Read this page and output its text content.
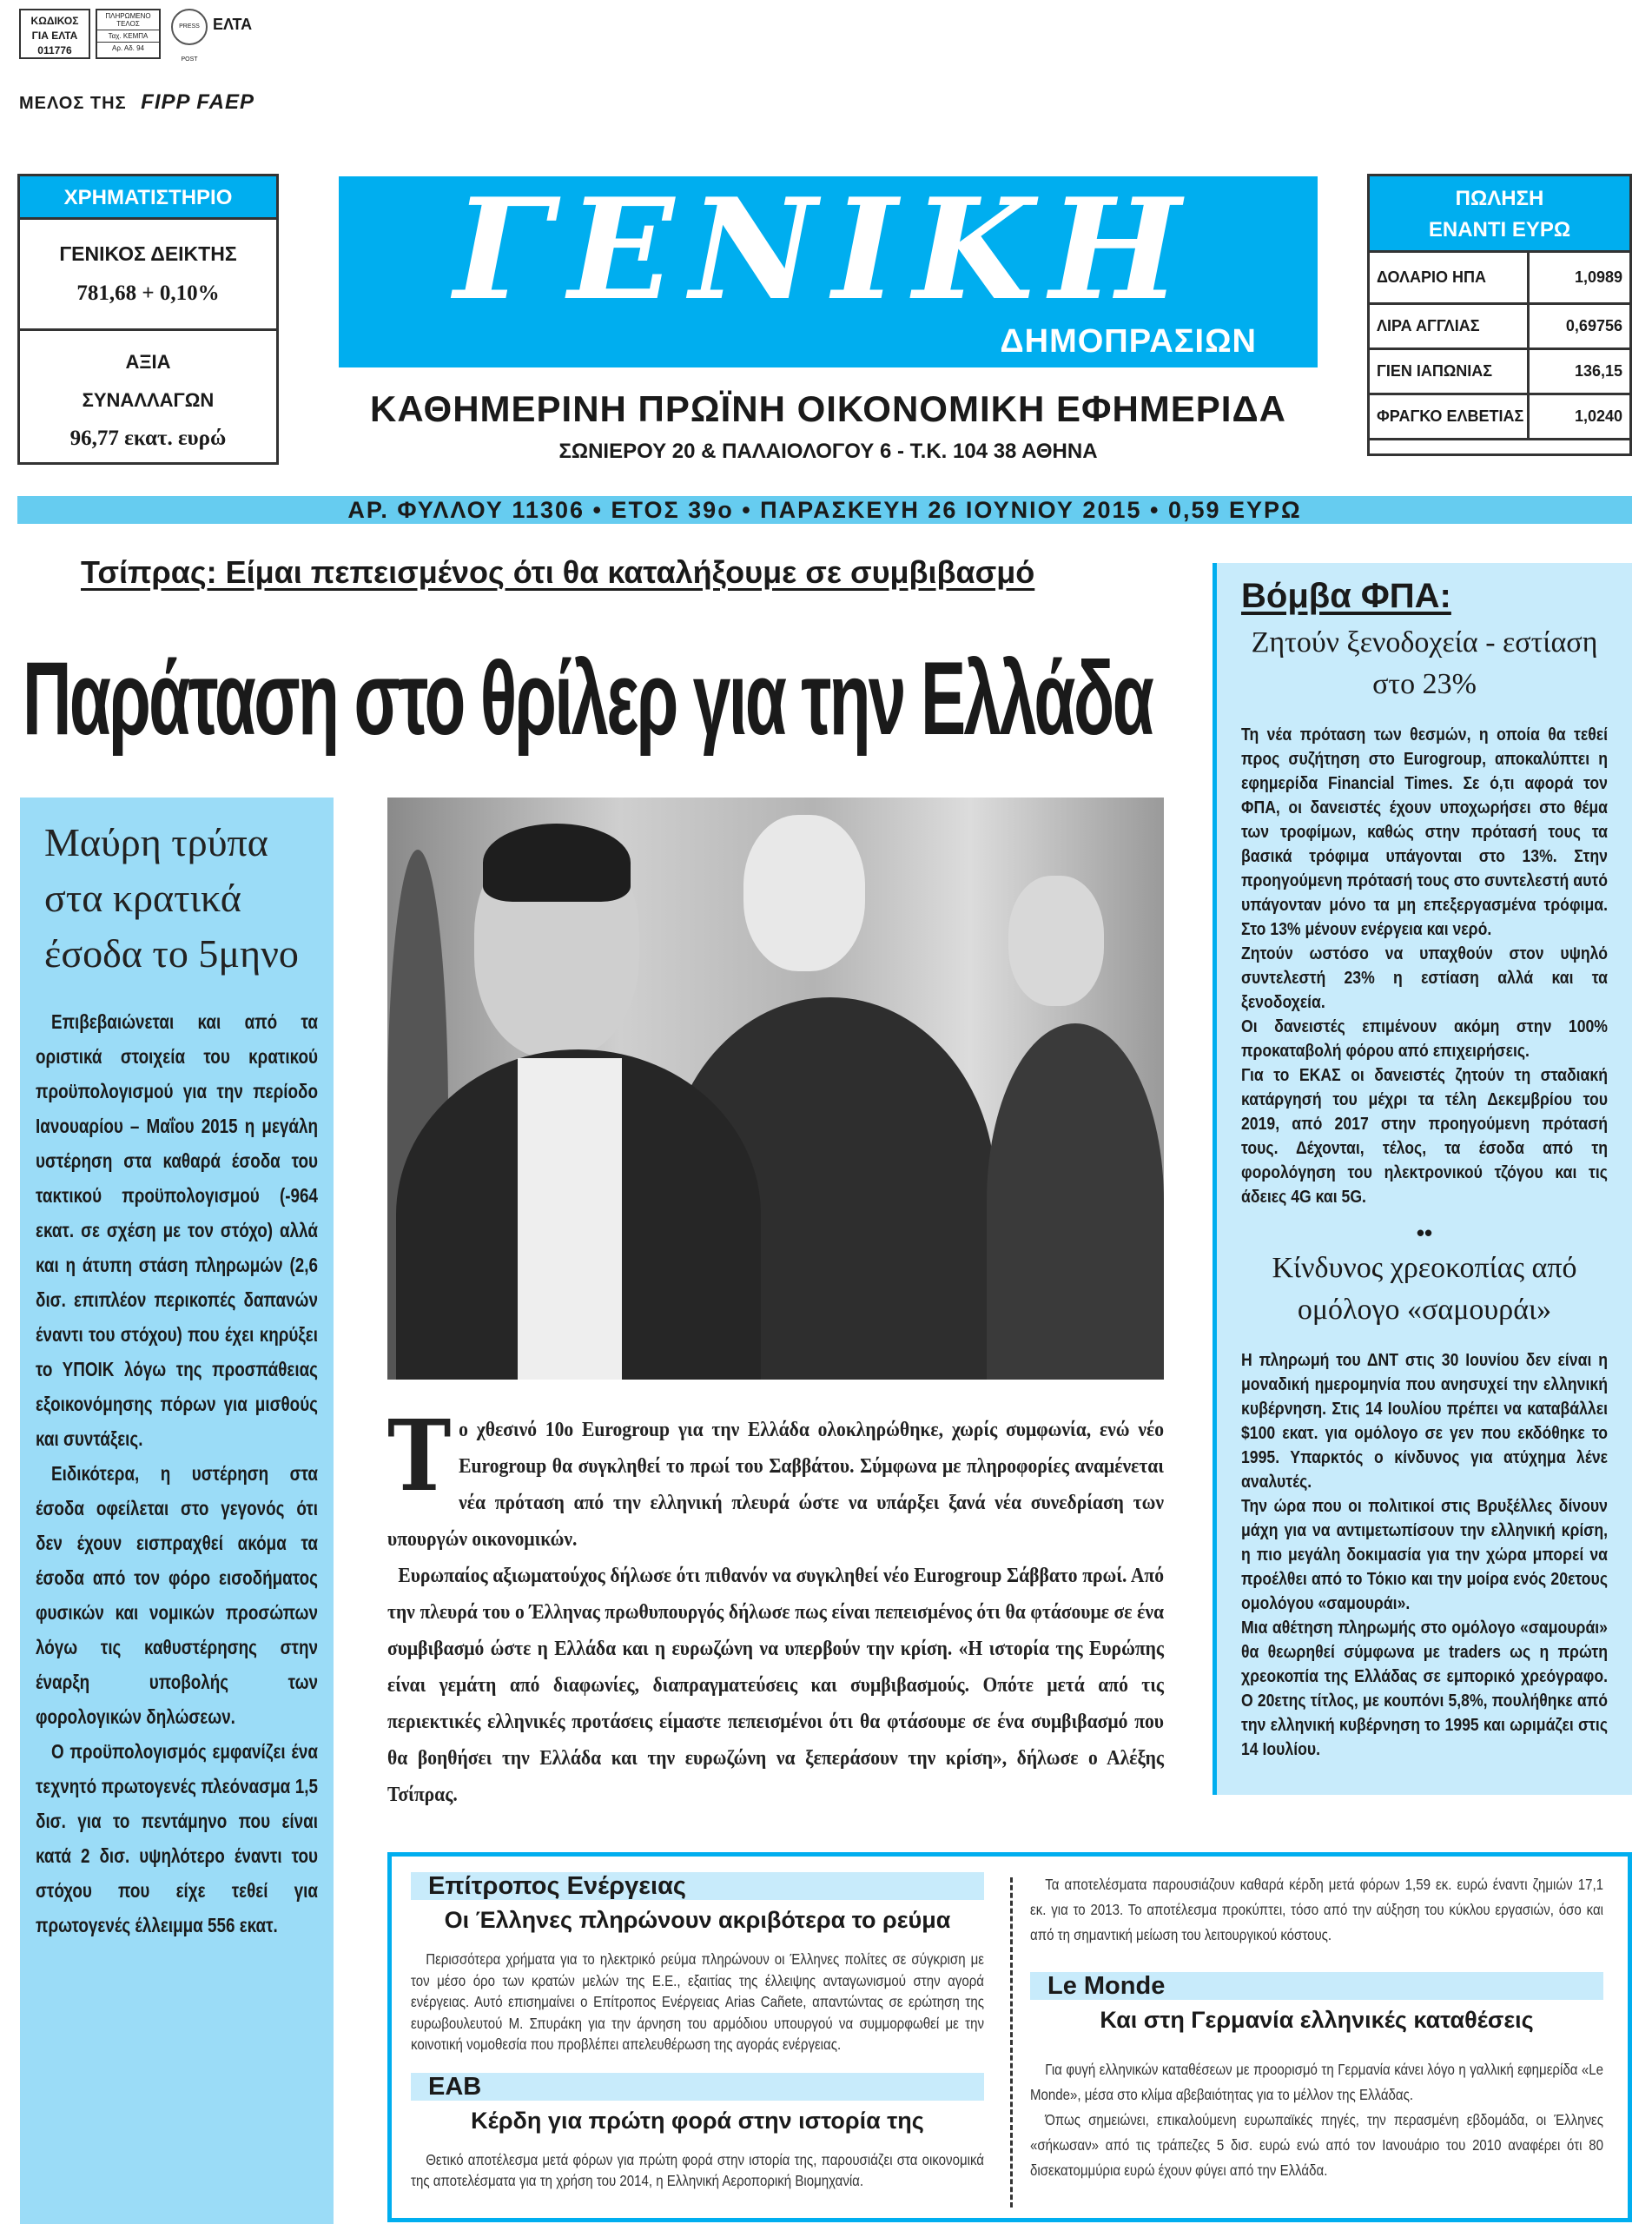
ΚΩΔΙΚΟΣ
ΓΙΑ ΕΛΤΑ
011776
ΠΛΗΡΩΜΕΝΟ ΤΕΛΟΣ
Ταχ. ΚΕΜΠΑ
Αρ. Αδ. 94
PRESS POST
ΕΛΤΑ
ΜΕΛΟΣ ΤΗΣ FIPP FAEP
ΧΡΗΜΑΤΙΣΤΗΡΙΟ
ΓΕΝΙΚΟΣ ΔΕΙΚΤΗΣ
781,68 + 0,10%
ΑΞΙΑ
ΣΥΝΑΛΛΑΓΩΝ
96,77 εκατ. ευρώ
ΓΕΝΙΚΗ
ΔΗΜΟΠΡΑΣΙΩΝ
ΚΑΘΗΜΕΡΙΝΗ ΠΡΩΪΝΗ ΟΙΚΟΝΟΜΙΚΗ ΕΦΗΜΕΡΙΔΑ
ΣΩΝΙΕΡΟΥ 20 & ΠΑΛΑΙΟΛΟΓΟΥ 6 - Τ.Κ. 104 38 ΑΘΗΝΑ
ΠΩΛΗΣΗ
ΕΝΑΝΤΙ ΕΥΡΩ
ΔΟΛΑΡΙΟ ΗΠΑ	1,0989
ΛΙΡΑ ΑΓΓΛΙΑΣ	0,69756
ΓΙΕΝ ΙΑΠΩΝΙΑΣ	136,15
ΦΡΑΓΚΟ ΕΛΒΕΤΙΑΣ	1,0240
ΑΡ. ΦΥΛΛΟΥ 11306 • ΕΤΟΣ 39ο • ΠΑΡΑΣΚΕΥΗ 26 ΙΟΥΝΙΟΥ 2015 • 0,59 ΕΥΡΩ
Τσίπρας: Είμαι πεπεισμένος ότι θα καταλήξουμε σε συμβιβασμό
Παράταση στο θρίλερ για την Ελλάδα
Μαύρη τρύπα στα κρατικά έσοδα το 5μηνο

Επιβεβαιώνεται και από τα οριστικά στοιχεία του κρατικού προϋπολογισμού για την περίοδο Ιανουαρίου – Μαΐου 2015 η μεγάλη υστέρηση στα καθαρά έσοδα του τακτικού προϋπολογισμού (-964 εκατ. σε σχέση με τον στόχο) αλλά και η άτυπη στάση πληρωμών (2,6 δισ. επιπλέον περικοπές δαπανών έναντι του στόχου) που έχει κηρύξει το ΥΠΟΙΚ λόγω της προσπάθειας εξοικονόμησης πόρων για μισθούς και συντάξεις.

Ειδικότερα, η υστέρηση στα έσοδα οφείλεται στο γεγονός ότι δεν έχουν εισπραχθεί ακόμα τα έσοδα από τον φόρο εισοδήματος φυσικών και νομικών προσώπων λόγω τις καθυστέρησης στην έναρξη υποβολής των φορολογικών δηλώσεων.

Ο προϋπολογισμός εμφανίζει ένα τεχνητό πρωτογενές πλεόνασμα 1,5 δισ. για το πεντάμηνο που είναι κατά 2 δισ. υψηλότερο έναντι του στόχου που είχε τεθεί για πρωτογενές έλλειμμα 556 εκατ.

Τ ο χθεσινό 10ο Eurogroup για την Ελλάδα ολοκληρώθηκε, χωρίς συμφωνία, ενώ νέο Eurogroup θα συγκληθεί το πρωί του Σαββάτου. Σύμφωνα με πληροφορίες αναμένεται νέα πρόταση από την ελληνική πλευρά ώστε να υπάρξει ξανά νέα συνεδρίαση των υπουργών οικονομικών.

Ευρωπαίος αξιωματούχος δήλωσε ότι πιθανόν να συγκληθεί νέο Eurogroup Σάββατο πρωί. Από την πλευρά του ο Έλληνας πρωθυπουργός δήλωσε πως είναι πεπεισμένος ότι θα φτάσουμε σε ένα συμβιβασμό ώστε η Ελλάδα και η ευρωζώνη να υπερβούν την κρίση. «Η ιστορία της Ευρώπης είναι γεμάτη από διαφωνίες, διαπραγματεύσεις και συμβιβασμούς. Οπότε μετά από τις περιεκτικές ελληνικές προτάσεις είμαστε πεπεισμένοι ότι θα φτάσουμε σε ένα συμβιβασμό που θα βοηθήσει την Ελλάδα και την ευρωζώνη να ξεπεράσουν την κρίση», δήλωσε ο Αλέξης Τσίπρας.

Βόμβα ΦΠΑ:
Ζητούν ξενοδοχεία - εστίαση στο 23%

Τη νέα πρόταση των θεσμών, η οποία θα τεθεί προς συζήτηση στο Eurogroup, αποκαλύπτει η εφημερίδα Financial Times. Σε ό,τι αφορά τον ΦΠΑ, οι δανειστές έχουν υποχωρήσει στο θέμα των τροφίμων, καθώς στην πρότασή τους τα βασικά τρόφιμα υπάγονται στο 13%. Στην προηγούμενη πρότασή τους στο συντελεστή αυτό υπάγονταν μόνο τα μη επεξεργασμένα τρόφιμα. Στο 13% μένουν ενέργεια και νερό.

Ζητούν ωστόσο να υπαχθούν στον υψηλό συντελεστή 23% η εστίαση αλλά και τα ξενοδοχεία.

Οι δανειστές επιμένουν ακόμη στην 100% προκαταβολή φόρου από επιχειρήσεις.

Για το ΕΚΑΣ οι δανειστές ζητούν τη σταδιακή κατάργησή του μέχρι τα τέλη Δεκεμβρίου του 2019, από 2017 στην προηγούμενη πρότασή τους. Δέχονται, τέλος, τα έσοδα από τη φορολόγηση του ηλεκτρονικού τζόγου και τις άδειες 4G και 5G.

••
Κίνδυνος χρεοκοπίας από ομόλογο «σαμουράι»

Η πληρωμή του ΔΝΤ στις 30 Ιουνίου δεν είναι η μοναδική ημερομηνία που ανησυχεί την ελληνική κυβέρνηση. Στις 14 Ιουλίου πρέπει να καταβάλλει $100 εκατ. για ομόλογο σε γεν που εκδόθηκε το 1995. Υπαρκτός ο κίνδυνος για ατύχημα λένε αναλυτές.

Την ώρα που οι πολιτικοί στις Βρυξέλλες δίνουν μάχη για να αντιμετωπίσουν την ελληνική κρίση, η πιο μεγάλη δοκιμασία για την χώρα μπορεί να προέλθει από το Τόκιο και την μοίρα ενός 20ετους ομολόγου «σαμουράι».

Μια αθέτηση πληρωμής στο ομόλογο «σαμουράι» θα θεωρηθεί σύμφωνα με traders ως η πρώτη χρεοκοπία της Ελλάδας σε εμπορικό χρεόγραφο. Ο 20ετης τίτλος, με κουπόνι 5,8%, πουλήθηκε από την ελληνική κυβέρνηση το 1995 και ωριμάζει στις 14 Ιουλίου.

Επίτροπος Ενέργειας
Οι Έλληνες πληρώνουν ακριβότερα το ρεύμα

Περισσότερα χρήματα για το ηλεκτρικό ρεύμα πληρώνουν οι Έλληνες πολίτες σε σύγκριση με τον μέσο όρο των κρατών μελών της Ε.Ε., εξαιτίας της έλλειψης ανταγωνισμού στην αγορά ενέργειας. Αυτό επισημαίνει ο Επίτροπος Ενέργειας Arias Cañete, απαντώντας σε ερώτηση της ευρωβουλευτού Μ. Σπυράκη για την άρνηση του αρμόδιου υπουργού να συμμορφωθεί με την κοινοτική νομοθεσία που προβλέπει απελευθέρωση της αγοράς ενέργειας.

ΕΑΒ
Κέρδη για πρώτη φορά στην ιστορία της

Θετικό αποτέλεσμα μετά φόρων για πρώτη φορά στην ιστορία της, παρουσιάζει στα οικονομικά της αποτελέσματα για τη χρήση του 2014, η Ελληνική Αεροπορική Βιομηχανία.

Τα αποτελέσματα παρουσιάζουν καθαρά κέρδη μετά φόρων 1,59 εκ. ευρώ έναντι ζημιών 17,1 εκ. για το 2013. Το αποτέλεσμα προκύπτει, τόσο από την αύξηση του κύκλου εργασιών, όσο και από τη σημαντική μείωση του λειτουργικού κόστους.

Le Monde
Και στη Γερμανία ελληνικές καταθέσεις

Για φυγή ελληνικών καταθέσεων με προορισμό τη Γερμανία κάνει λόγο η γαλλική εφημερίδα «Le Monde», μέσα στο κλίμα αβεβαιότητας για το μέλλον της Ελλάδας.

Όπως σημειώνει, επικαλούμενη ευρωπαϊκές πηγές, την περασμένη εβδομάδα, οι Έλληνες «σήκωσαν» από τις τράπεζες 5 δισ. ευρώ ενώ από τον Ιανουάριο του 2010 αναφέρει ότι 80 δισεκατομμύρια ευρώ έχουν φύγει από την Ελλάδα.
